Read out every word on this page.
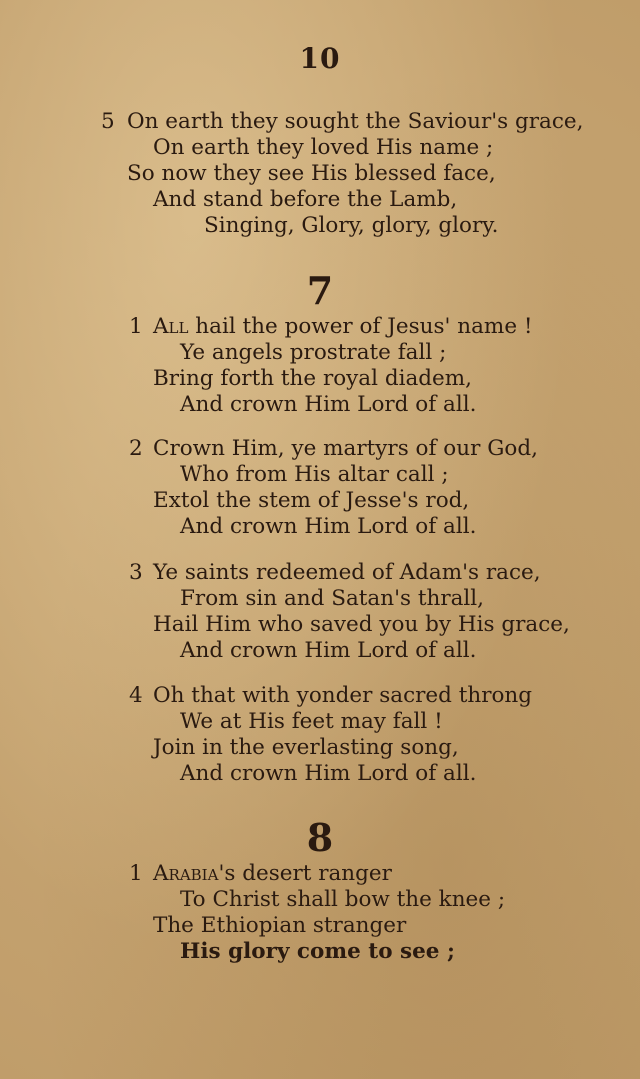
10
5 On earth they sought the Saviour's grace,
On earth they loved His name ;
So now they see His blessed face,
And stand before the Lamb,
Singing, Glory, glory, glory.
7
1 All hail the power of Jesus' name !
Ye angels prostrate fall ;
Bring forth the royal diadem,
And crown Him Lord of all.
2 Crown Him, ye martyrs of our God,
Who from His altar call ;
Extol the stem of Jesse's rod,
And crown Him Lord of all.
3 Ye saints redeemed of Adam's race,
From sin and Satan's thrall,
Hail Him who saved you by His grace,
And crown Him Lord of all.
4 Oh that with yonder sacred throng
We at His feet may fall !
Join in the everlasting song,
And crown Him Lord of all.
8
1 Arabia's desert ranger
To Christ shall bow the knee ;
The Ethiopian stranger
His glory come to see ;
